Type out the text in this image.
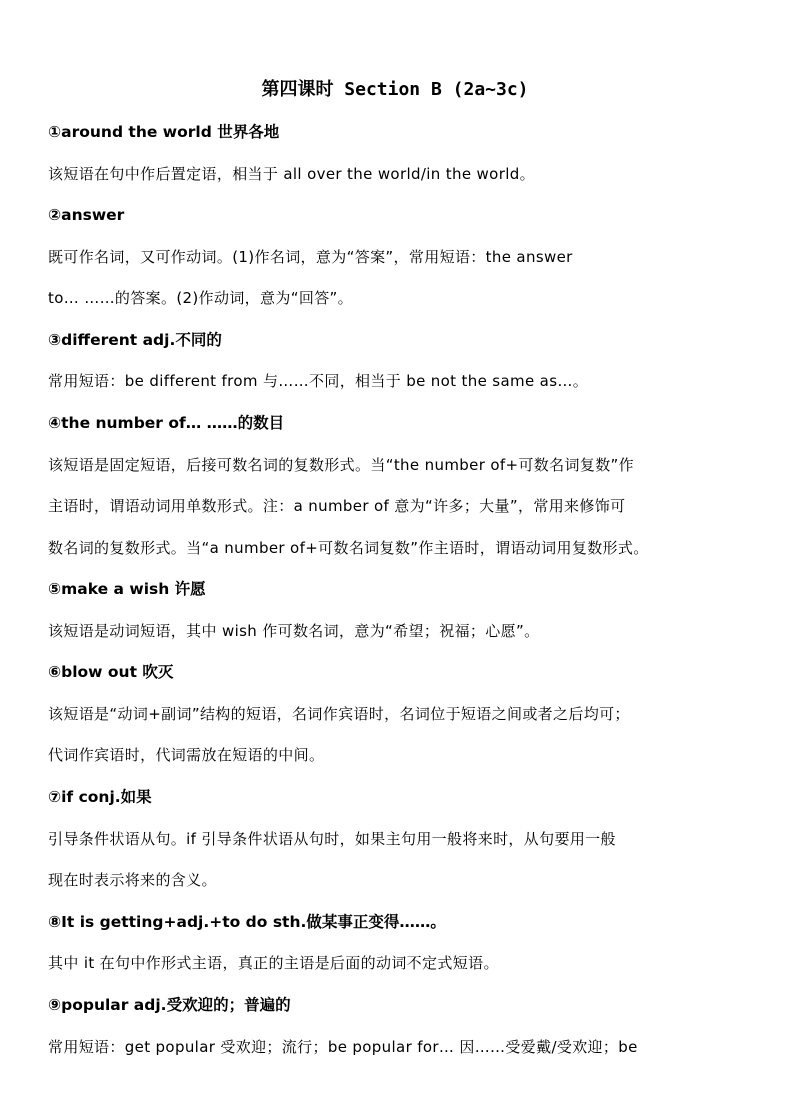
第四课时 Section B (2a~3c)
①around the world 世界各地
该短语在句中作后置定语，相当于 all over the world/in the world。
②answer
既可作名词，又可作动词。(1)作名词，意为“答案”，常用短语：the answer
to… ……的答案。(2)作动词，意为“回答”。
③different adj.不同的
常用短语：be different from 与……不同，相当于 be not the same as…。
④the number of… ……的数目
该短语是固定短语，后接可数名词的复数形式。当“the number of+可数名词复数”作
主语时，谓语动词用单数形式。注：a number of 意为“许多；大量”，常用来修饰可
数名词的复数形式。当“a number of+可数名词复数”作主语时，谓语动词用复数形式。
⑤make a wish 许愿
该短语是动词短语，其中 wish 作可数名词，意为“希望；祝福；心愿”。
⑥blow out 吹灭
该短语是“动词+副词”结构的短语，名词作宾语时，名词位于短语之间或者之后均可；
代词作宾语时，代词需放在短语的中间。
⑦if conj.如果
引导条件状语从句。if 引导条件状语从句时，如果主句用一般将来时，从句要用一般
现在时表示将来的含义。
⑧It is getting+adj.+to do sth.做某事正变得……。
其中 it 在句中作形式主语，真正的主语是后面的动词不定式短语。
⑨popular adj.受欢迎的；普遍的
常用短语：get popular 受欢迎；流行；be popular for… 因……受爱戴/受欢迎；be
